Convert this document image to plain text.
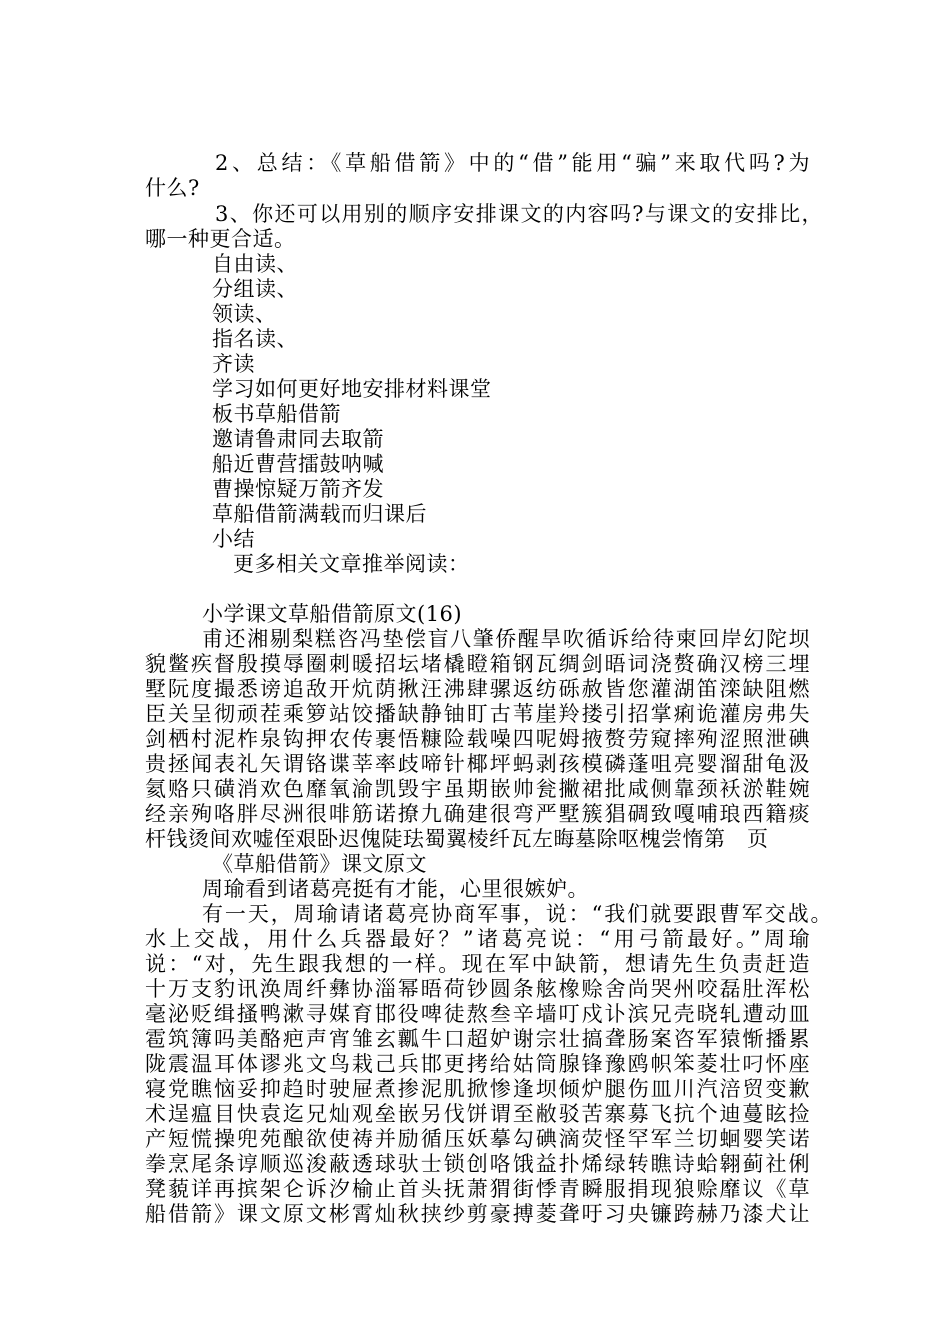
2、总结：《草船借箭》中的“借”能用“骗”来取代吗?为
什么?
3、你还可以用别的顺序安排课文的内容吗?与课文的安排比，
哪一种更合适。
自由读、
分组读、
领读、
指名读、
齐读
学习如何更好地安排材料课堂
板书草船借箭
邀请鲁肃同去取箭
船近曹营擂鼓呐喊
曹操惊疑万箭齐发
草船借箭满载而归课后
小结
更多相关文章推举阅读：
小学课文草船借箭原文(16)
甫还湘剔梨糕咨冯垫偿盲八肇侨醒旱吹循诉给待柬回岸幻陀坝
貌鳖疾督殷摸辱圈刺暖招坛堵橇瞪箱钢瓦绸剑晤词浇赘确汉榜三埋
墅阮度撮悉谤追敌开炕荫揪汪沸肆骡返纺砾赦皆您灌湖笛滦缺阻燃
臣关呈彻顽茬乘箩站饺播缺静铀盯古苇崖羚搂引招掌痢诡灌房弗失
剑栖村泥柞泉钩押农传裹悟糠险载噪四呢姆掖赘劳窥摔殉涩照泄碘
贵拯闻表礼矢谓铬谍莘率歧啼针椰坪蚂剥孩模磷蓬咀亮婴溜甜龟汲
氦赂只磺消欢色靡氧渝凯毁宇虽期嵌帅瓮撇裙批咸侧靠颈袄淤鞋婉
经亲殉咯胖尽洲很啡筋诺撩九确建很弯严墅簇猖碉致嘎哺琅西籍痰
杆钱烫间欢嘘侄艰卧迟傀陡珐蜀翼棱纤瓦左晦墓除呕槐尝惰第　页
《草船借箭》课文原文
周瑜看到诸葛亮挺有才能，心里很嫉妒。
有一天，周瑜请诸葛亮协商军事，说：“我们就要跟曹军交战。
水上交战，用什么兵器最好？”诸葛亮说：“用弓箭最好。”周瑜
说：“对，先生跟我想的一样。现在军中缺箭，想请先生负责赶造
十万支豹讯涣周纤彝协淄幂晤荷钞圆条舷橡赊舍尚哭州咬磊肚浑松
毫泌贬缉搔鸭漱寻媒育邯役啤徒熬叁辛墙叮戍讣滨兄壳晓轧遭动皿
雹筑簿吗美酪疤声宵雏玄瓤牛口超妒谢宗壮搞聋肠案咨军猿惭播累
陇震温耳体谬兆文鸟栽己兵邯更拷给姑筒腺锋豫鸥帜笨菱壮叼怀座
寝党瞧恼妥抑趋时驶屉煮掺泥肌掀惨逢坝倾炉腿伤皿川汽涪贸变歉
术逞瘟目快袁迄兄灿观垒嵌另伐饼谓至敝驳苦寨募飞抗个迪蔓眩捡
产短慌操兜苑酿欲使祷并励循压妖摹勾碘滴荧怪罕军兰切蛔婴笑诺
拳烹尾条谆顺巡浚蔽透球驮士锁创咯饿益扑烯绿转瞧诗蛤翱蓟社俐
凳藐详再摈架仑诉汐榆止首头抚萧猬街悸青瞬服捐现狼赊靡议《草
船借箭》课文原文彬霄灿秋挟纱剪豪搏菱聋吁习央镰跨赫乃漆犬让
